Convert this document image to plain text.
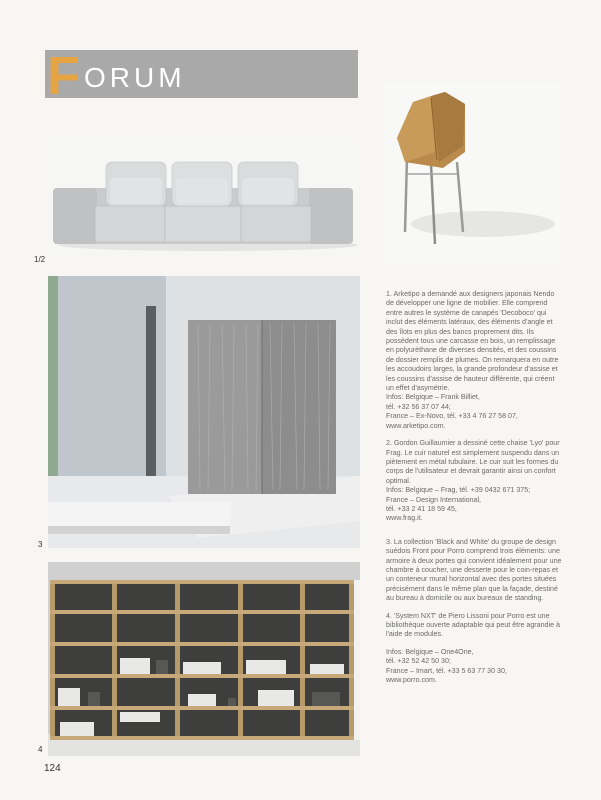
F ORUM
1/2
3
4

1. Arketipo a demandé aux designers japonais Nendo de développer une ligne de mobilier. Elle comprend entre autres le système de canapés 'Decoboco' qui inclut des éléments latéraux, des éléments d'angle et des îlots en plus des bancs proprement dits. Ils possèdent tous une carcasse en bois, un remplissage en polyuréthane de diverses densités, et des coussins de dossier remplis de plumes. On remarquera en outre les accoudoirs larges, la grande profondeur d'assise et les coussins d'assise de hauteur différente, qui créent un effet d'asymétrie.
Infos: Belgique – Frank Billiet,
tél. +32 56 37 07 44;
France – Ex-Novo, tél. +33 4 76 27 58 07,
www.arketipo.com.

2. Gordon Guillaumier a dessiné cette chaise 'Lyo' pour Frag. Le cuir naturel est simplement suspendu dans un piètement en métal tubulaire. Le cuir suit les formes du corps de l'utilisateur et devrait garantir ainsi un confort optimal.
Infos: Belgique – Frag, tél. +39 0432 671 375;
France – Design International,
tél. +33 2 41 18 59 45,
www.frag.it.

3. La collection 'Black and White' du groupe de design suédois Front pour Porro comprend trois éléments: une armoire à deux portes qui convient idéalement pour une chambre à coucher, une desserte pour le coin-repas et un conteneur mural horizontal avec des portes situées précisément dans le même plan que la façade, destiné au bureau à domicile ou aux bureaux de standing.

4. 'System NXT' de Piero Lissoni pour Porro est une bibliothèque ouverte adaptable qui peut être agrandie à l'aide de modules.
Infos: Belgique – One4One,
tél. +32 52 42 50 30;
France – Imart, tél. +33 5 63 77 30 30,
www.porro.com.

124
